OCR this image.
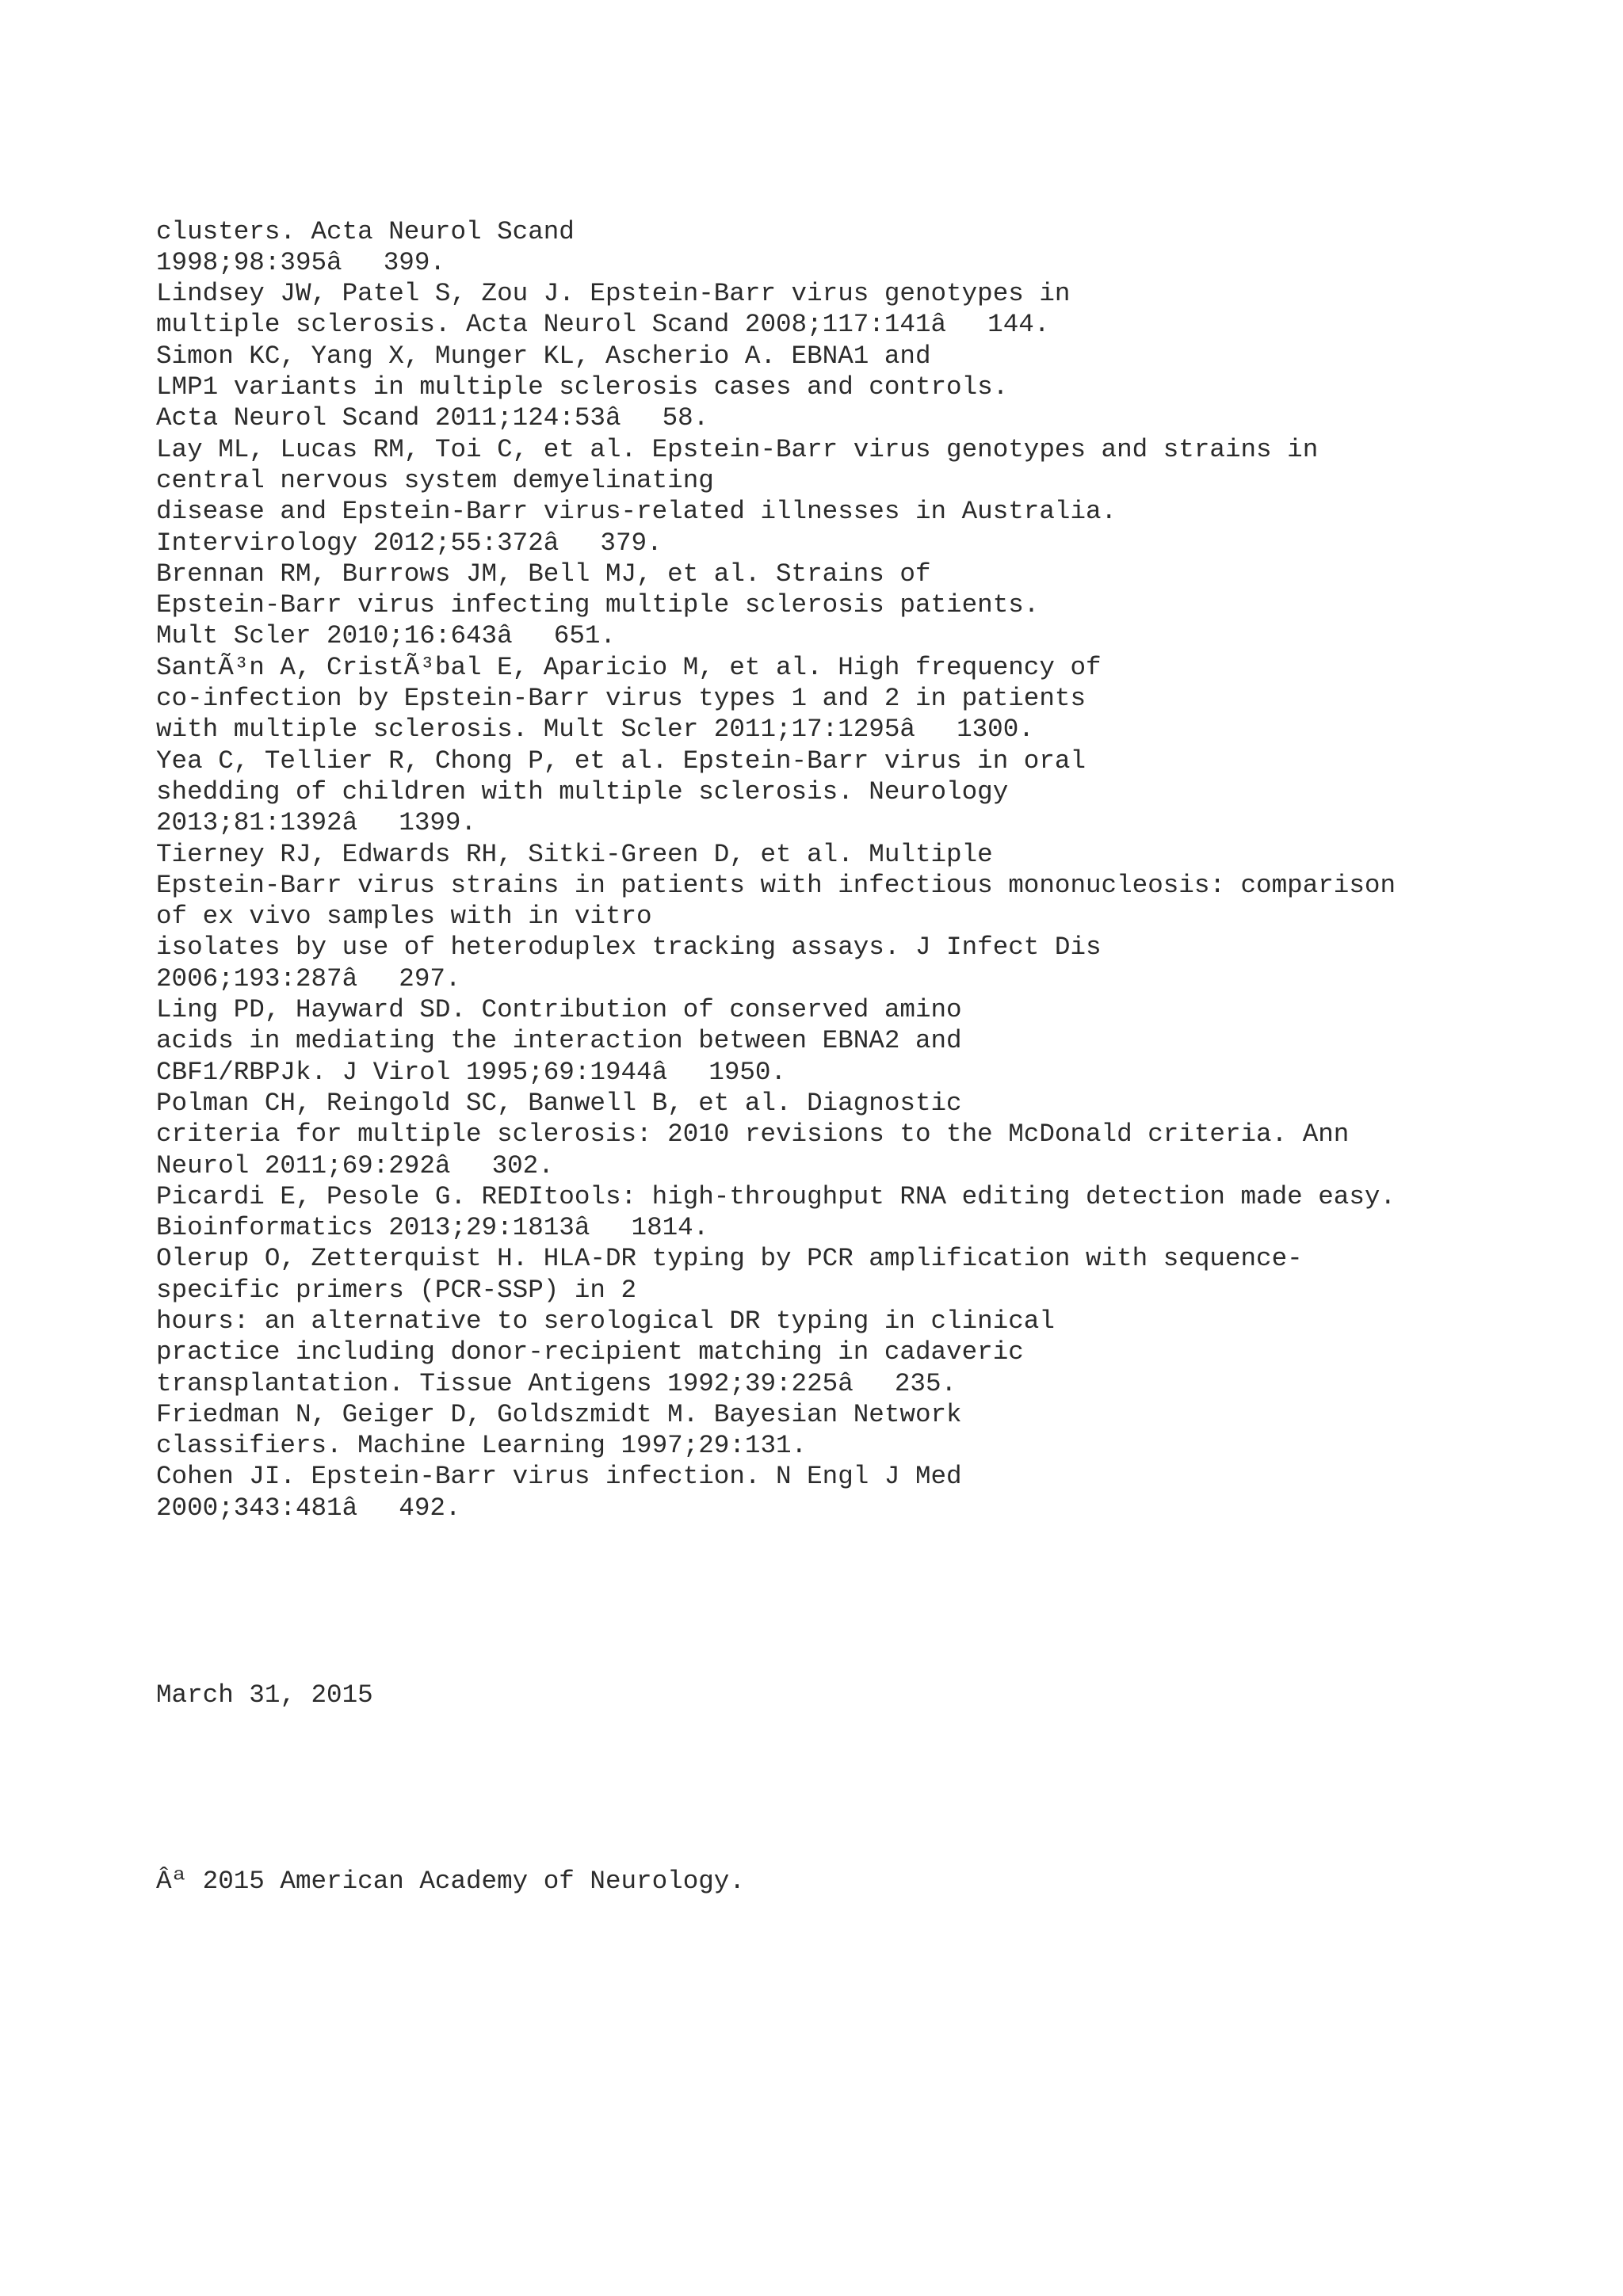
clusters. Acta Neurol Scand
1998;98:395â399.
Lindsey JW, Patel S, Zou J. Epstein-Barr virus genotypes in
multiple sclerosis. Acta Neurol Scand 2008;117:141â144.
Simon KC, Yang X, Munger KL, Ascherio A. EBNA1 and
LMP1 variants in multiple sclerosis cases and controls.
Acta Neurol Scand 2011;124:53â58.
Lay ML, Lucas RM, Toi C, et al. Epstein-Barr virus genotypes and strains in
central nervous system demyelinating
disease and Epstein-Barr virus-related illnesses in Australia.
Intervirology 2012;55:372â379.
Brennan RM, Burrows JM, Bell MJ, et al. Strains of
Epstein-Barr virus infecting multiple sclerosis patients.
Mult Scler 2010;16:643â651.
SantÃ³n A, CristÃ³bal E, Aparicio M, et al. High frequency of
co-infection by Epstein-Barr virus types 1 and 2 in patients
with multiple sclerosis. Mult Scler 2011;17:1295â1300.
Yea C, Tellier R, Chong P, et al. Epstein-Barr virus in oral
shedding of children with multiple sclerosis. Neurology
2013;81:1392â1399.
Tierney RJ, Edwards RH, Sitki-Green D, et al. Multiple
Epstein-Barr virus strains in patients with infectious mononucleosis: comparison
of ex vivo samples with in vitro
isolates by use of heteroduplex tracking assays. J Infect Dis
2006;193:287â297.
Ling PD, Hayward SD. Contribution of conserved amino
acids in mediating the interaction between EBNA2 and
CBF1/RBPJk. J Virol 1995;69:1944â1950.
Polman CH, Reingold SC, Banwell B, et al. Diagnostic
criteria for multiple sclerosis: 2010 revisions to the McDonald criteria. Ann
Neurol 2011;69:292â302.
Picardi E, Pesole G. REDItools: high-throughput RNA editing detection made easy.
Bioinformatics 2013;29:1813â1814.
Olerup O, Zetterquist H. HLA-DR typing by PCR amplification with sequence-
specific primers (PCR-SSP) in 2
hours: an alternative to serological DR typing in clinical
practice including donor-recipient matching in cadaveric
transplantation. Tissue Antigens 1992;39:225â235.
Friedman N, Geiger D, Goldszmidt M. Bayesian Network
classifiers. Machine Learning 1997;29:131.
Cohen JI. Epstein-Barr virus infection. N Engl J Med
2000;343:481â492.

March 31, 2015

Âª 2015 American Academy of Neurology.
